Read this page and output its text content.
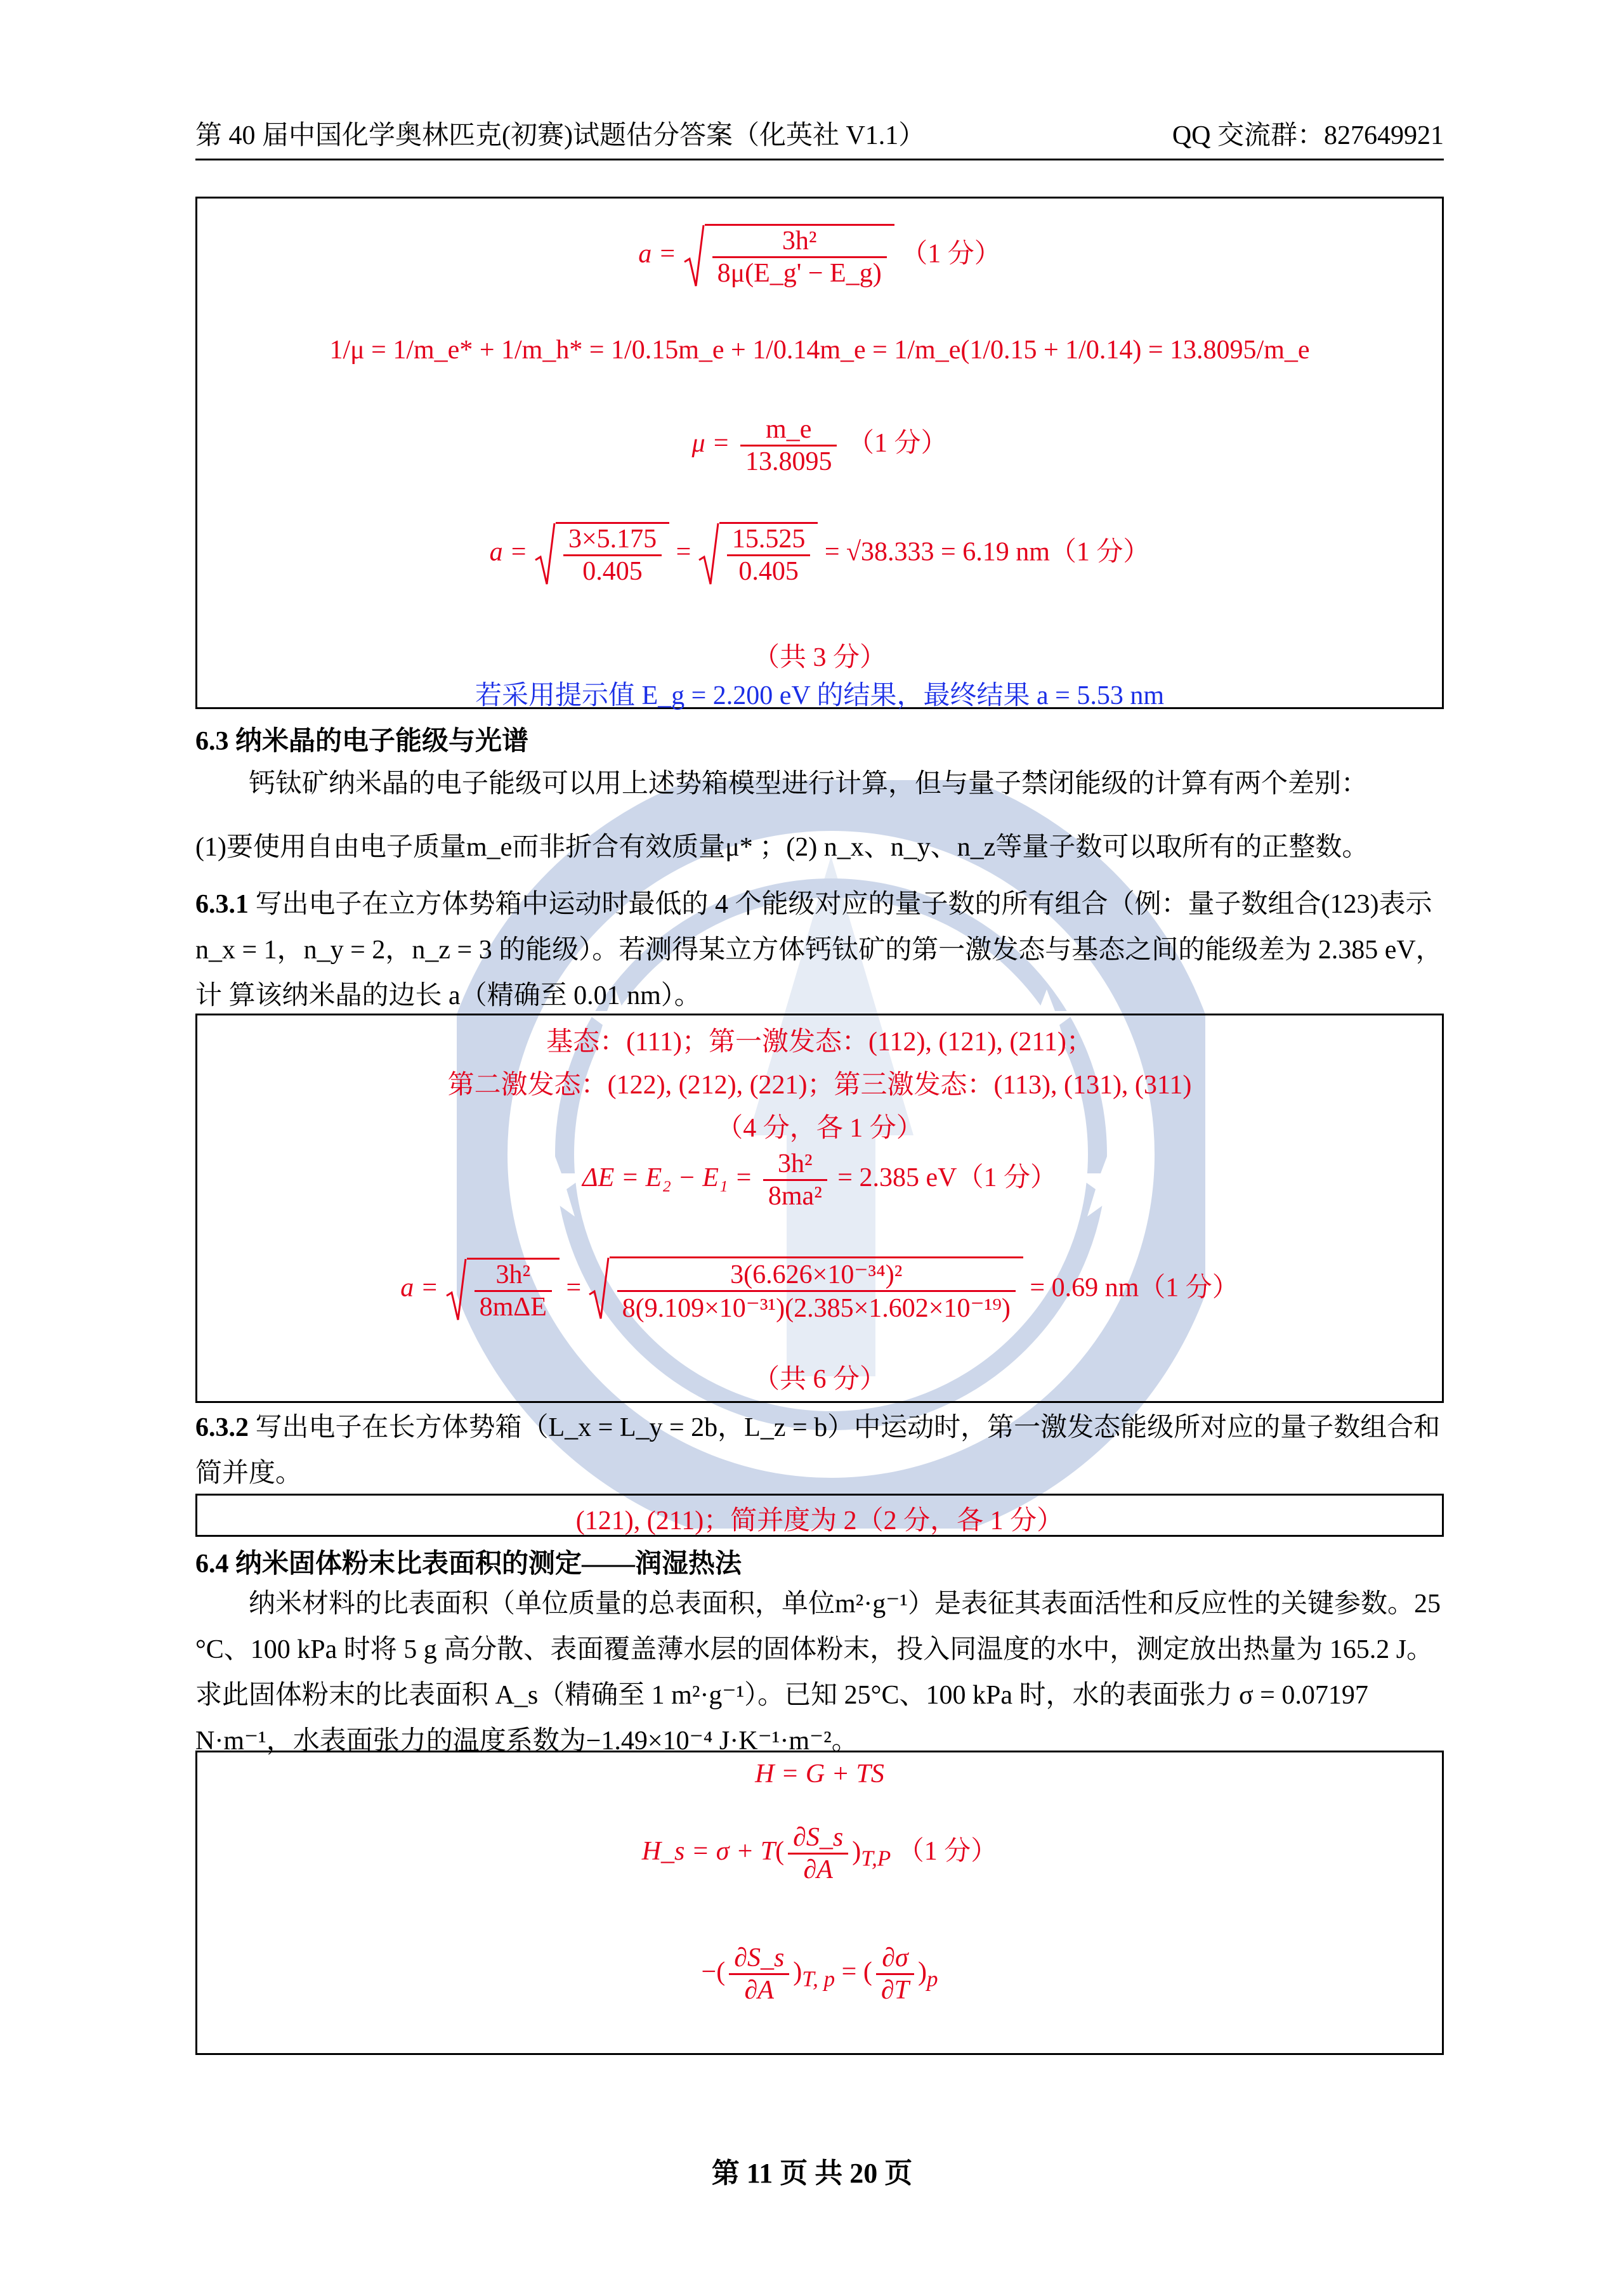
第 40 届中国化学奥林匹克(初赛)试题估分答案（化英社 V1.1）	QQ 交流群：827649921
$a = \frac{\text{3h²}}{8\mu(E\_g' - E\_g)} (1$ 分）
1/μ = 1/m_e* + 1/m_h* = 1/0.15m_e + 1/0.14m_e = 1/m_e(1/0.15 + 1/0.14) = 13.8095/m_e
$\mu = \frac{m\_e}{13.8095} (1$ 分）
$a = \frac{3\times 5.175}{0.405} = \frac{15.525}{0.405} = √38.333 = 6.19$ nm（1 分）
（共 3 分）
若采用提示值 E_g = 2.200 eV 的结果，最终结果 a = 5.53 nm
6.3 纳米晶的电子能级与光谱
钙钛矿纳米晶的电子能级可以用上述势箱模型进行计算，但与量子禁闭能级的计算有两个差别：
(1)要使用自由电子质量m_e而非折合有效质量μ* ；(2) n_x、n_y、n_z等量子数可以取所有的正整数。
6.3.1 写出电子在立方体势箱中运动时最低的 4 个能级对应的量子数的所有组合（例：量子数组合(123)表示n_x = 1，n_y = 2，n_z = 3 的能级）。若测得某立方体钙钛矿的第一激发态与基态之间的能级差为 2.385 eV，计 算该纳米晶的边长 a（精确至 0.01 nm）。
基态：(111)；第一激发态：(112), (121), (211)；
第二激发态：(122), (212), (221)；第三激发态：(113), (131), (311)
（4 分，各 1 分）
$\Delta E = E_2 - E_1 = \frac{\text{3h²}}{\text{8ma²}} = 2.385$ eV（1 分）
$a = \frac{\text{3h²}}{\text{8mΔE}} = \frac{\text{3(6.626×10⁻³⁴)²}}{\text{8(9.109×10⁻³¹)(2.385×1.602×10⁻¹⁹)}} = 0.69$ nm（1 分）
（共 6 分）
6.3.2 写出电子在长方体势箱（L_x = L_y = 2b，L_z = b）中运动时，第一激发态能级所对应的量子数组合和简并度。
(121), (211)；简并度为 2（2 分，各 1 分）
6.4 纳米固体粉末比表面积的测定——润湿热法
纳米材料的比表面积（单位质量的总表面积，单位m²·g⁻¹）是表征其表面活性和反应性的关键参数。25 °C、100 kPa 时将 5 g 高分散、表面覆盖薄水层的固体粉末，投入同温度的水中，测定放出热量为 165.2 J。求此固体粉末的比表面积 A_s（精确至 1 m²·g⁻¹）。已知 25°C、100 kPa 时，水的表面张力 σ = 0.07197 N·m⁻¹，水表面张力的温度系数为−1.49×10⁻⁴ J·K⁻¹·m⁻²。
H = G + TS
H_s = $\sigma + T( \frac{\partial S\_s}{\partial A} )_{T,P}$ （1 分）
−( $\frac{\partial S\_s}{\partial A} )_{T, p}$ = ( $\frac{\partial\sigma}{\partial T} )_p$
第 11 页 共 20 页
